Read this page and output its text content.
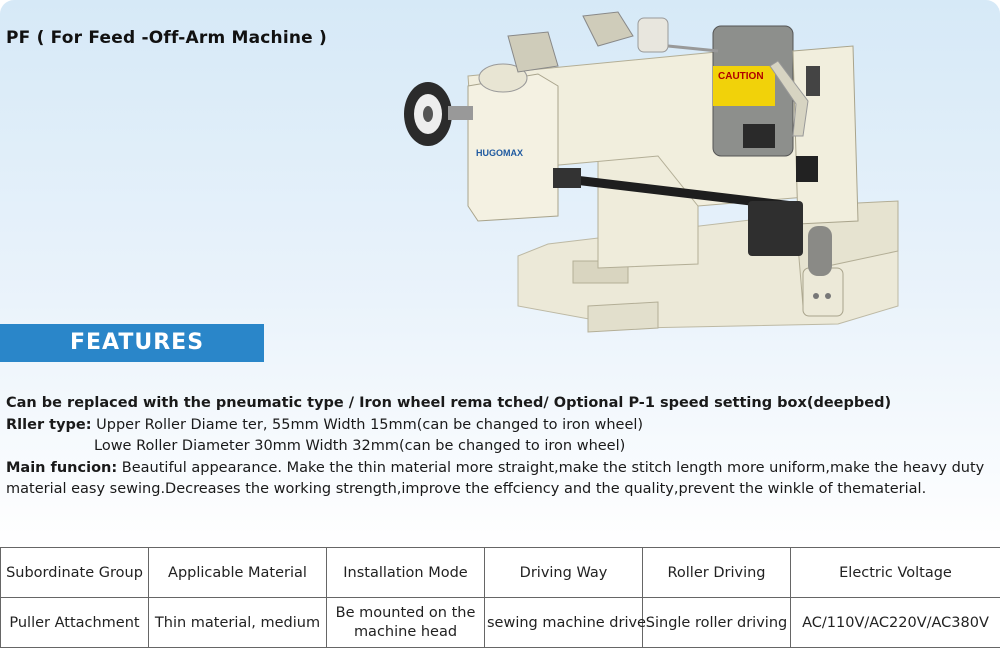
PF ( For Feed -Off-Arm Machine )
HUGOMAX
CAUTION
FEATURES

Can be replaced with the pneumatic type / Iron wheel rema tched/ Optional P-1 speed setting box(deepbed)

Rller type: Upper Roller Diame ter, 55mm Width 15mm(can be changed to iron wheel)

Lowe Roller Diameter 30mm Width 32mm(can be changed to iron wheel)

Main funcion: Beautiful appearance. Make the thin material more straight,make the stitch length more uniform,make the heavy duty material easy sewing.Decreases the working strength,improve the effciency and the quality,prevent the winkle of thematerial.

Subordinate Group	Applicable Material	Installation Mode	Driving Way	Roller Driving	Electric Voltage
Puller Attachment	Thin material, medium	Be mounted on the machine head	sewing machine drive	Single roller driving	AC/110V/AC220V/AC380V
